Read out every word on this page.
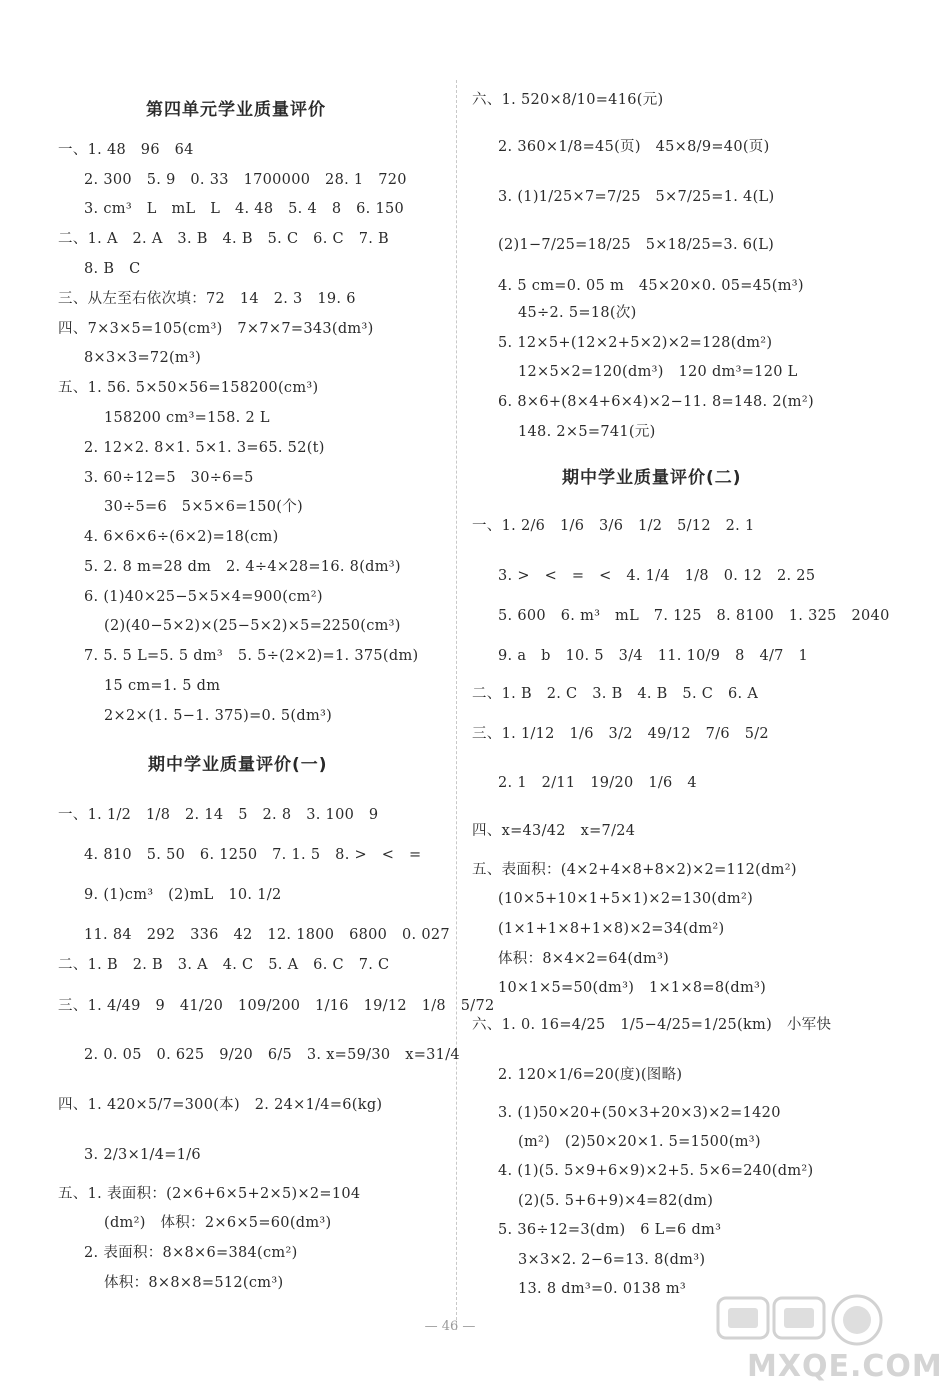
第四单元学业质量评价
一、1. 48　96　64
2. 300　5. 9　0. 33　1700000　28. 1　720
3. cm³　L　mL　L　4. 48　5. 4　8　6. 150
二、1. A　2. A　3. B　4. B　5. C　6. C　7. B
8. B　C
三、从左至右依次填：72　14　2. 3　19. 6
四、7×3×5=105(cm³)　7×7×7=343(dm³)
8×3×3=72(m³)
五、1. 56. 5×50×56=158200(cm³)
158200 cm³=158. 2 L
2. 12×2. 8×1. 5×1. 3=65. 52(t)
3. 60÷12=5　30÷6=5
30÷5=6　5×5×6=150(个)
4. 6×6×6÷(6×2)=18(cm)
5. 2. 8 m=28 dm　2. 4÷4×28=16. 8(dm³)
6. (1)40×25−5×5×4=900(cm²)
(2)(40−5×2)×(25−5×2)×5=2250(cm³)
7. 5. 5 L=5. 5 dm³　5. 5÷(2×2)=1. 375(dm)
15 cm=1. 5 dm
2×2×(1. 5−1. 375)=0. 5(dm³)
期中学业质量评价(一)
一、1. 1/2　1/8　2. 14　5　2. 8　3. 100　9
4. 810　5. 50　6. 1250　7. 1. 5　8. >　<　=
9. (1)cm³　(2)mL　10. 1/2
11. 84　292　336　42　12. 1800　6800　0. 027
二、1. B　2. B　3. A　4. C　5. A　6. C　7. C
三、1. 4/49　9　41/20　109/200　1/16　19/12　1/8　5/72
2. 0. 05　0. 625　9/20　6/5　3. x=59/30　x=31/4
四、1. 420×5/7=300(本)　2. 24×1/4=6(kg)
3. 2/3×1/4=1/6
五、1. 表面积：(2×6+6×5+2×5)×2=104
(dm²)　体积：2×6×5=60(dm³)
2. 表面积：8×8×6=384(cm²)
体积：8×8×8=512(cm³)
六、1. 520×8/10=416(元)
2. 360×1/8=45(页)　45×8/9=40(页)
3. (1)1/25×7=7/25　5×7/25=1. 4(L)
(2)1−7/25=18/25　5×18/25=3. 6(L)
4. 5 cm=0. 05 m　45×20×0. 05=45(m³)
45÷2. 5=18(次)
5. 12×5+(12×2+5×2)×2=128(dm²)
12×5×2=120(dm³)　120 dm³=120 L
6. 8×6+(8×4+6×4)×2−11. 8=148. 2(m²)
148. 2×5=741(元)
期中学业质量评价(二)
一、1. 2/6　1/6　3/6　1/2　5/12　2. 1
3. >　<　=　<　4. 1/4　1/8　0. 12　2. 25
5. 600　6. m³　mL　7. 125　8. 8100　1. 325　2040
9. a　b　10. 5　3/4　11. 10/9　8　4/7　1
二、1. B　2. C　3. B　4. B　5. C　6. A
三、1. 1/12　1/6　3/2　49/12　7/6　5/2
2. 1　2/11　19/20　1/6　4
四、x=43/42　x=7/24
五、表面积：(4×2+4×8+8×2)×2=112(dm²)
(10×5+10×1+5×1)×2=130(dm²)
(1×1+1×8+1×8)×2=34(dm²)
体积：8×4×2=64(dm³)
10×1×5=50(dm³)　1×1×8=8(dm³)
六、1. 0. 16=4/25　1/5−4/25=1/25(km)　小军快
2. 120×1/6=20(度)(图略)
3. (1)50×20+(50×3+20×3)×2=1420
(m²)　(2)50×20×1. 5=1500(m³)
4. (1)(5. 5×9+6×9)×2+5. 5×6=240(dm²)
(2)(5. 5+6+9)×4=82(dm)
5. 36÷12=3(dm)　6 L=6 dm³
3×3×2. 2−6=13. 8(dm³)
13. 8 dm³=0. 0138 m³
— 46 —
MXQE.COM
